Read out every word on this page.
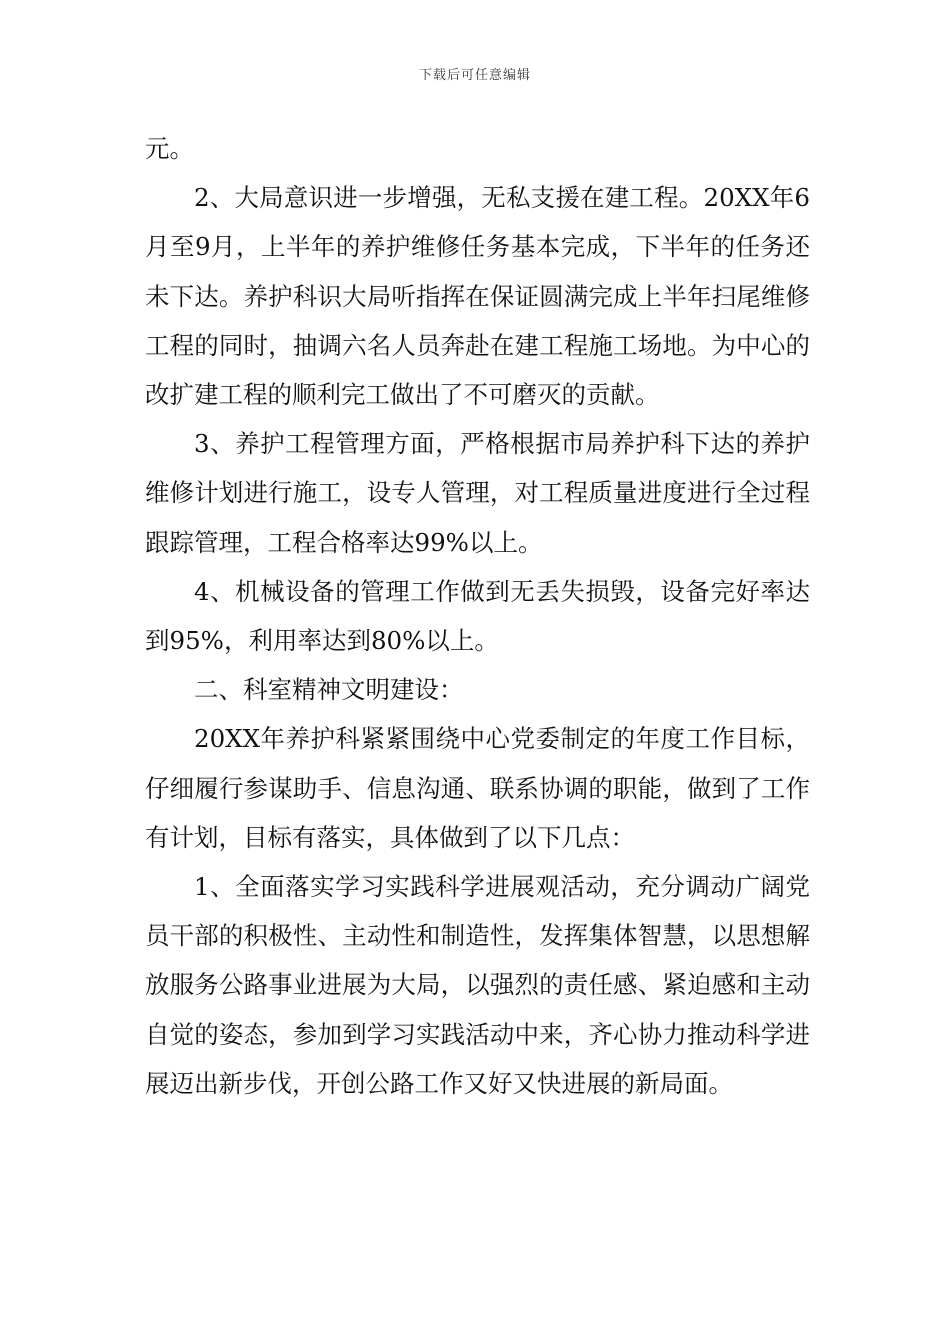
下载后可任意编辑

元。

2、大局意识进一步增强，无私支援在建工程。20XX年6月至9月，上半年的养护维修任务基本完成，下半年的任务还未下达。养护科识大局听指挥在保证圆满完成上半年扫尾维修工程的同时，抽调六名人员奔赴在建工程施工场地。为中心的改扩建工程的顺利完工做出了不可磨灭的贡献。

3、养护工程管理方面，严格根据市局养护科下达的养护维修计划进行施工，设专人管理，对工程质量进度进行全过程跟踪管理，工程合格率达99%以上。

4、机械设备的管理工作做到无丢失损毁，设备完好率达到95%，利用率达到80%以上。

二、科室精神文明建设：

20XX年养护科紧紧围绕中心党委制定的年度工作目标，仔细履行参谋助手、信息沟通、联系协调的职能，做到了工作有计划，目标有落实，具体做到了以下几点：

1、全面落实学习实践科学进展观活动，充分调动广阔党员干部的积极性、主动性和制造性，发挥集体智慧，以思想解放服务公路事业进展为大局，以强烈的责任感、紧迫感和主动自觉的姿态，参加到学习实践活动中来，齐心协力推动科学进展迈出新步伐，开创公路工作又好又快进展的新局面。
